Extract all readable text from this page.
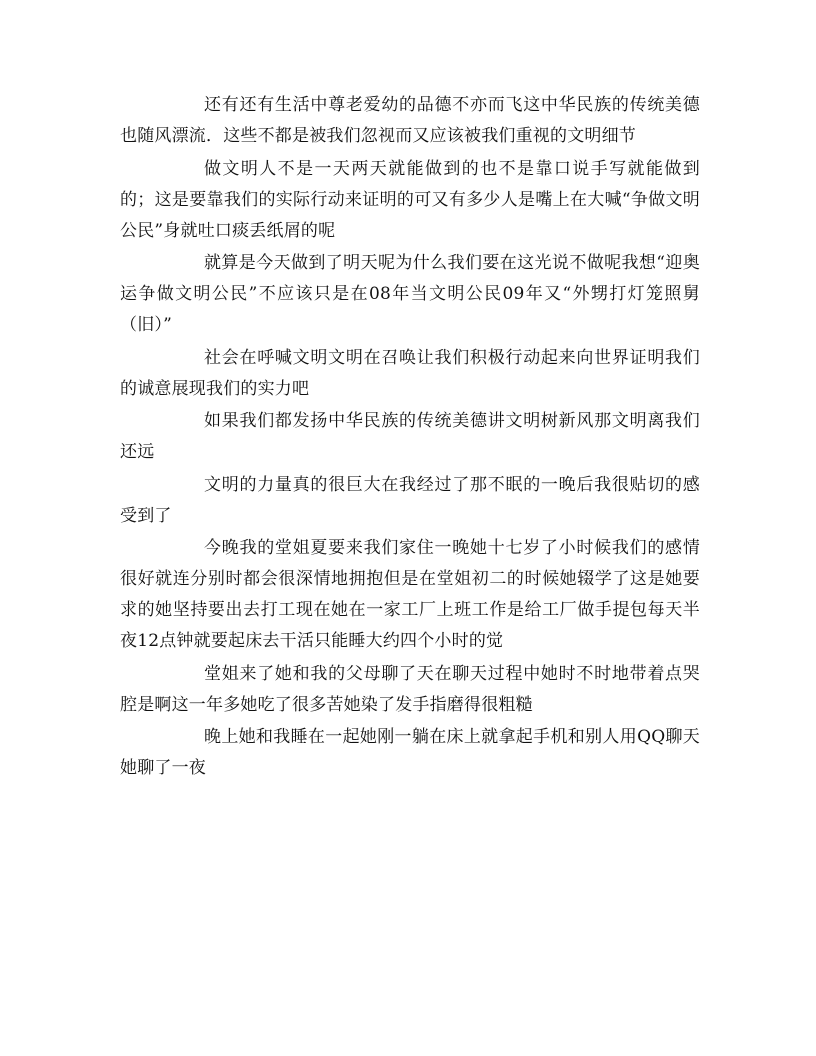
还有还有生活中尊老爱幼的品德不亦而飞这中华民族的传统美德也随风漂流．这些不都是被我们忽视而又应该被我们重视的文明细节

做文明人不是一天两天就能做到的也不是靠口说手写就能做到的；这是要靠我们的实际行动来证明的可又有多少人是嘴上在大喊“争做文明公民”身就吐口痰丢纸屑的呢

就算是今天做到了明天呢为什么我们要在这光说不做呢我想“迎奥运争做文明公民”不应该只是在08年当文明公民09年又“外甥打灯笼照舅（旧）”

社会在呼喊文明文明在召唤让我们积极行动起来向世界证明我们的诚意展现我们的实力吧

如果我们都发扬中华民族的传统美德讲文明树新风那文明离我们还远

文明的力量真的很巨大在我经过了那不眠的一晚后我很贴切的感受到了

今晚我的堂姐夏要来我们家住一晚她十七岁了小时候我们的感情很好就连分别时都会很深情地拥抱但是在堂姐初二的时候她辍学了这是她要求的她坚持要出去打工现在她在一家工厂上班工作是给工厂做手提包每天半夜12点钟就要起床去干活只能睡大约四个小时的觉

堂姐来了她和我的父母聊了天在聊天过程中她时不时地带着点哭腔是啊这一年多她吃了很多苦她染了发手指磨得很粗糙

晚上她和我睡在一起她刚一躺在床上就拿起手机和别人用QQ聊天她聊了一夜
